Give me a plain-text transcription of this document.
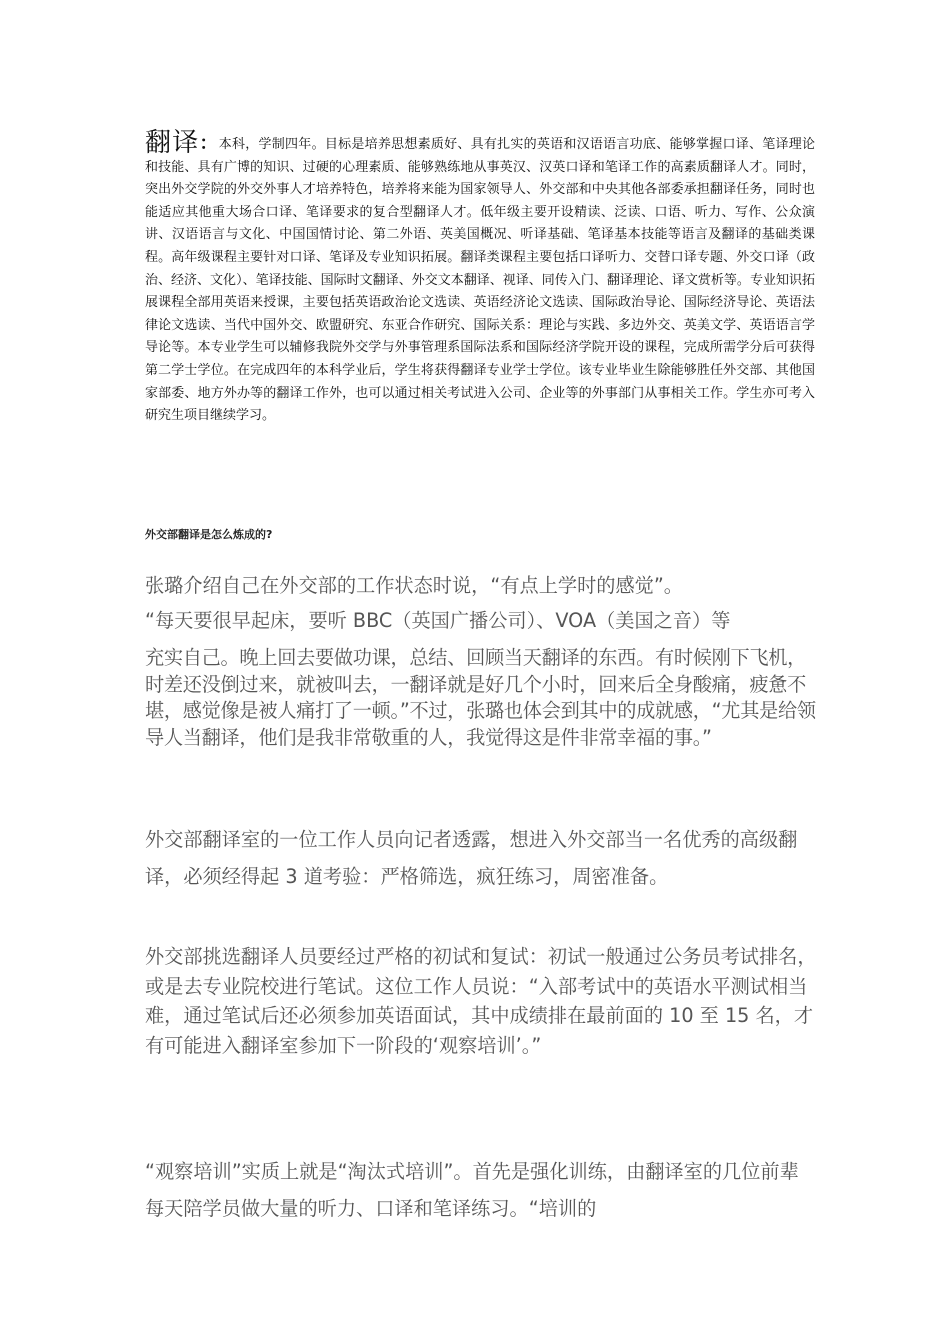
翻译：本科，学制四年。目标是培养思想素质好、具有扎实的英语和汉语语言功底、能够掌握口译、笔译理论和技能、具有广博的知识、过硬的心理素质、能够熟练地从事英汉、汉英口译和笔译工作的高素质翻译人才。同时，突出外交学院的外交外事人才培养特色，培养将来能为国家领导人、外交部和中央其他各部委承担翻译任务，同时也能适应其他重大场合口译、笔译要求的复合型翻译人才。低年级主要开设精读、泛读、口语、听力、写作、公众演讲、汉语语言与文化、中国国情讨论、第二外语、英美国概况、听译基础、笔译基本技能等语言及翻译的基础类课程。高年级课程主要针对口译、笔译及专业知识拓展。翻译类课程主要包括口译听力、交替口译专题、外交口译（政治、经济、文化）、笔译技能、国际时文翻译、外交文本翻译、视译、同传入门、翻译理论、译文赏析等。专业知识拓展课程全部用英语来授课，主要包括英语政治论文选读、英语经济论文选读、国际政治导论、国际经济导论、英语法律论文选读、当代中国外交、欧盟研究、东亚合作研究、国际关系：理论与实践、多边外交、英美文学、英语语言学导论等。本专业学生可以辅修我院外交学与外事管理系国际法系和国际经济学院开设的课程，完成所需学分后可获得第二学士学位。在完成四年的本科学业后，学生将获得翻译专业学士学位。该专业毕业生除能够胜任外交部、其他国家部委、地方外办等的翻译工作外，也可以通过相关考试进入公司、企业等的外事部门从事相关工作。学生亦可考入研究生项目继续学习。

外交部翻译是怎么炼成的?

张璐介绍自己在外交部的工作状态时说，“有点上学时的感觉”。

“每天要很早起床，要听 BBC（英国广播公司）、VOA（美国之音）等

充实自己。晚上回去要做功课，总结、回顾当天翻译的东西。有时候刚下飞机，时差还没倒过来，就被叫去，一翻译就是好几个小时，回来后全身酸痛，疲惫不堪，感觉像是被人痛打了一顿。”不过，张璐也体会到其中的成就感，“尤其是给领导人当翻译，他们是我非常敬重的人，我觉得这是件非常幸福的事。”

外交部翻译室的一位工作人员向记者透露，想进入外交部当一名优秀的高级翻译，必须经得起 3 道考验：严格筛选，疯狂练习，周密准备。

外交部挑选翻译人员要经过严格的初试和复试：初试一般通过公务员考试排名，或是去专业院校进行笔试。这位工作人员说：“入部考试中的英语水平测试相当难，通过笔试后还必须参加英语面试，其中成绩排在最前面的 10 至 15 名，才有可能进入翻译室参加下一阶段的‘观察培训’。”

“观察培训”实质上就是“淘汰式培训”。首先是强化训练，由翻译室的几位前辈每天陪学员做大量的听力、口译和笔译练习。“培训的
